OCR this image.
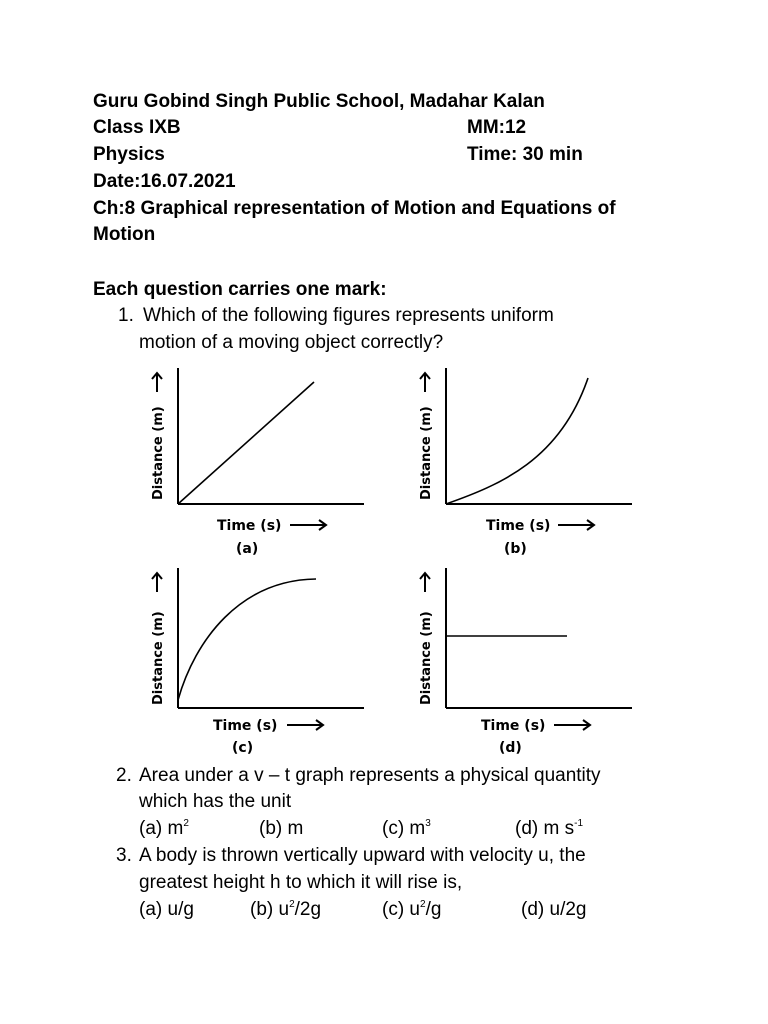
Guru Gobind Singh Public School, Madahar Kalan
Class IXB	MM:12
Physics	Time: 30 min
Date:16.07.2021
Ch:8 Graphical representation of Motion and Equations of
Motion
Each question carries one mark:
1. Which of the following figures represents uniform
motion of a moving object correctly?
Distance (m)
Time (s)
(a)
Distance (m)
Time (s)
(b)
Distance (m)
Time (s)
(c)
Distance (m)
Time (s)
(d)
2. Area under a v – t graph represents a physical quantity
which has the unit
(a) $m^2$	(b) m	(c) $m^3$	(d) m $s^{-1}$
3. A body is thrown vertically upward with velocity u, the
greatest height h to which it will rise is,
(a) u/g	(b) $u^2/2g$	(c) $u^2/g$	(d) u/2g
